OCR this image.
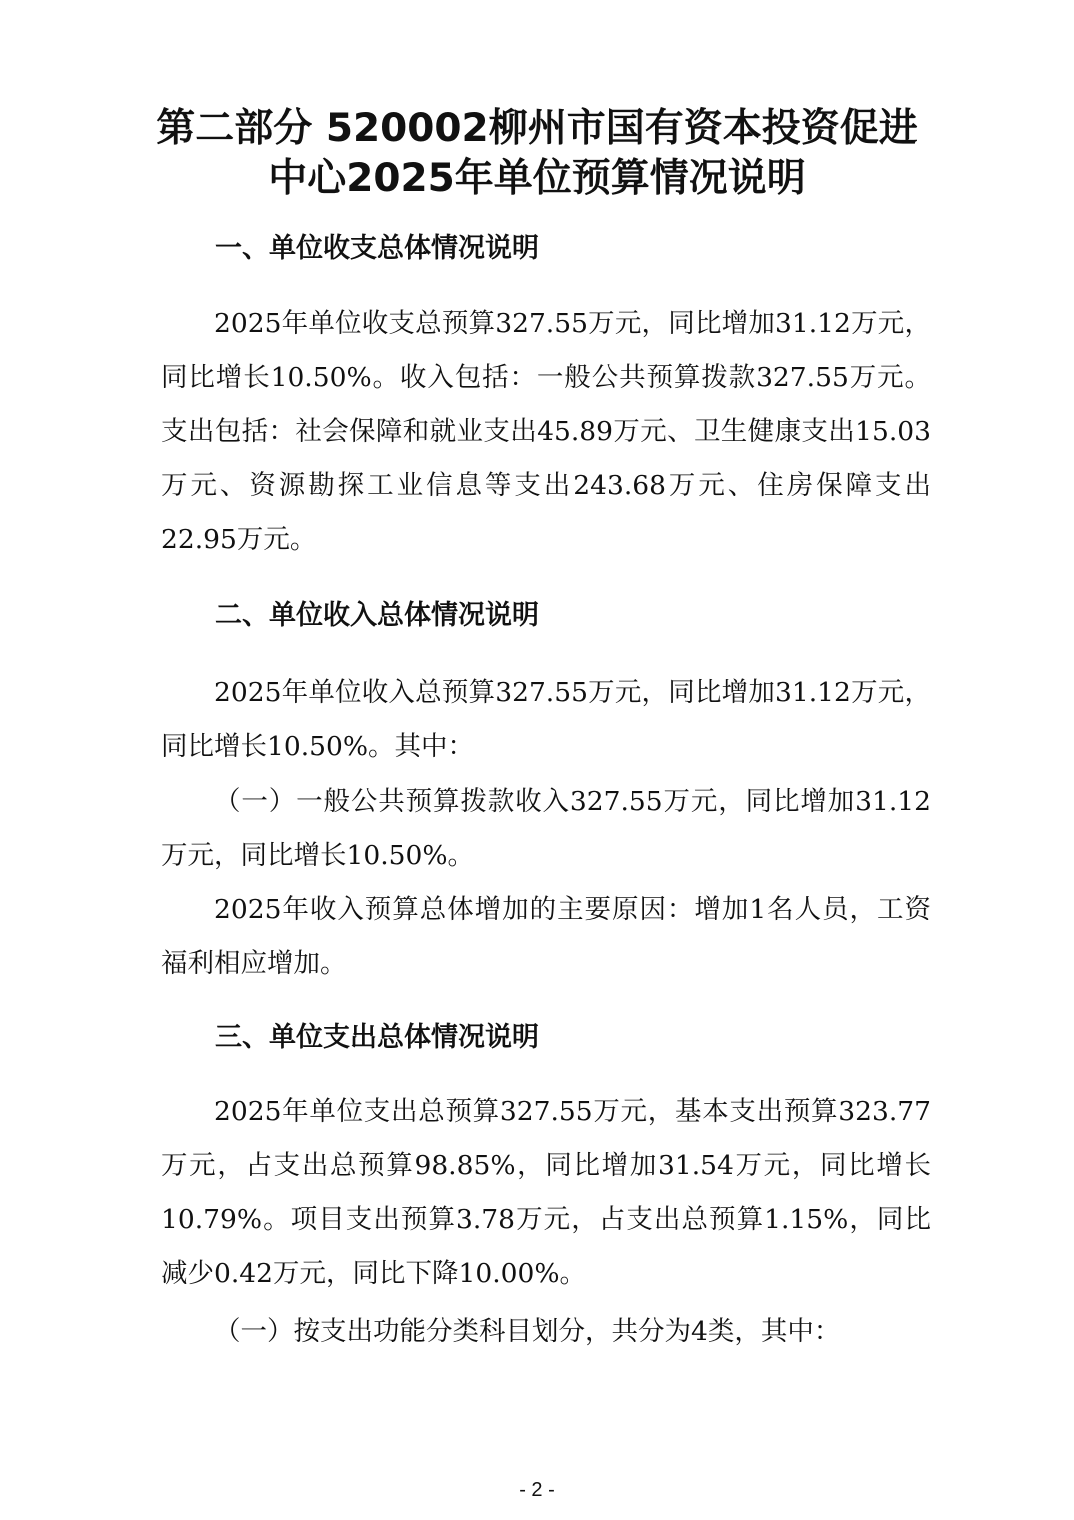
第二部分 520002柳州市国有资本投资促进
中心2025年单位预算情况说明
一、单位收支总体情况说明

2025年单位收支总预算327.55万元，同比增加31.12万元，同比增长10.50%。收入包括：一般公共预算拨款327.55万元。支出包括：社会保障和就业支出45.89万元、卫生健康支出15.03万元、资源勘探工业信息等支出243.68万元、住房保障支出22.95万元。

二、单位收入总体情况说明

2025年单位收入总预算327.55万元，同比增加31.12万元，同比增长10.50%。其中：

（一）一般公共预算拨款收入327.55万元，同比增加31.12万元，同比增长10.50%。

2025年收入预算总体增加的主要原因：增加1名人员，工资福利相应增加。

三、单位支出总体情况说明

2025年单位支出总预算327.55万元，基本支出预算323.77万元，占支出总预算98.85%，同比增加31.54万元，同比增长10.79%。项目支出预算3.78万元，占支出总预算1.15%，同比减少0.42万元，同比下降10.00%。

（一）按支出功能分类科目划分，共分为4类，其中：

- 2 -
